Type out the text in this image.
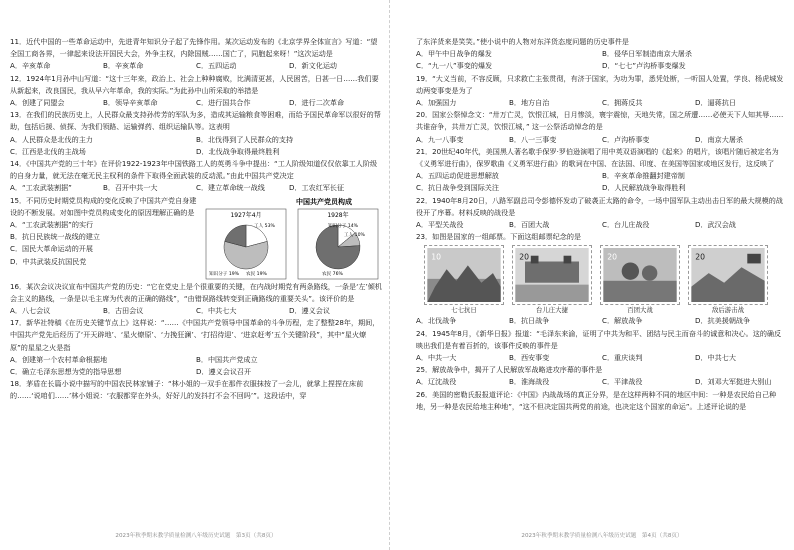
11．近代中国的一些革命运动中，先进青年知识分子起了先锋作用。某次运动发布的《北京学界全体宣言》写道：“望全国工商各界，一律起来设法开国民大会，外争主权，内除国贼……国亡了，同胞起来呀！”这次运动是
A．辛亥革命	B．辛亥革命	C．五四运动	D．新文化运动
12．1924年1月孙中山写道：“这十三年来，政治上、社会上种种腐败，比满清更甚，人民困苦，日甚一日……我们要从新起来，改良国民，我从早六年革命，我的实际。”为此孙中山所采取的举措是
A．创建了同盟会	B．领导辛亥革命	C．进行国共合作	D．进行二次革命
13．在我们的民族历史上，人民群众最支持孙传芳的军队为多，造成其运输粮食等困难，而给予国民革命军以很好的帮助，包括后援、侦探、为我们领路、运输弹药、组织运输队等。这表明
A．人民群众是北伐的主力	B．北伐得到了人民群众的支持
C．江西是北伐的主战场	D．北伐战争取得最终胜利
14．《中国共产党的三十年》在评价1922-1923年中国铁路工人的英勇斗争中提出：“工人阶级知道仅仅依靠工人阶级的自身力量，就无法在毫无民主权利的条件下取得全面武装的反动派。”由此中国共产党决定
A．“工农武装割据”	B．召开中共一大	C．建立革命统一战线	D．工农红军长征
15．不同历史时期党员构成的变化反映了中国共产党自身建设的不断发展。对如图中党员构成变化的原因理解正确的是
A．“工农武装割据”的实行
B．抗日民族统一战线的建立
C．国民大革命运动的开展
D．中共武装反抗国民党
中国共产党员构成
1927年4月	1928年
知识分子 19%
工人 53%
农民 19%
知识分子 14%
工人 10%
农民 76%
16．某次会议决议宣布中国共产党的历史：“它在党史上是个很重要的关键，在内战时期党有两条路线，一条是‘左’倾机会主义的路线，一条是以毛主席为代表的正确的路线”，“由错误路线转变到正确路线的重要关头”。该评价的是
A．八七会议	B．古田会议	C．中共七大	D．遵义会议
17．新华社特稿《在历史关键节点上》这样说：“……《中国共产党领导中国革命的斗争历程，走了整整28年，期间，中国共产党先后经历了‘开天辟地’、‘星火燎原’、‘力挽狂澜’、‘打招待迎’、‘进京赶考’五个关键阶段”，其中“星火燎原”的星星之火是指
A．创建第一个农村革命根据地	B．中国共产党成立
C．确立毛泽东思想为党的指导思想	D．遵义会议召开
18．茅盾在长篇小说中描写的中国农民林家铺子：“林小姐的一双手在那件衣服抹按了一会儿，就掌上捏捏在床前的……‘说咱们……’林小姐说：‘衣服都穿在外头，好好儿的发抖打不会不回吗’”。这段话中，穿
了东洋货来是笑笑。”使小说中的人物对东洋货态度问题的历史事件是
A．甲午中日战争的爆发	B．侵华日军制造南京大屠杀
C．“九一八”事变的爆发	D．“七七”卢沟桥事变爆发
19．“大义当前，不容反顾，只求救亡主张贯彻，有济于国家，为功为罪，悉凭处断，一听国人处置，学良、杨虎城发动两变事变是为了
A．加强国力	B．地方自治	C．拥蒋反共	D．逼蒋抗日
20．国家公祭悼念文：“卅万亡灵，饮恨江城，日月惨淡，寰宇震惊，天地失常，国之所遭……必使天下人知其辱……共谁奋争，共卅万亡灵，饮恨江城，” 这一公祭活动悼念的是
A．九一八事变	B．八一三事变	C．卢沟桥事变	D．南京大屠杀
21．20世纪40年代，美国黑人著名歌手保罗·罗伯逊演唱了用中英双语演唱的《起来》的唱片，该唱片随后被定名为《义勇军进行曲》，保罗歌曲《义勇军进行曲》的歌词在中国、在法国、印度、在美国等国家或地区发行，这反映了
A．五四运动促进思想解放	B．辛亥革命推翻封建帝制
C．抗日战争受到国际关注	D．人民解放战争取得胜利
22．1940年8月20日，八路军副总司令彭德怀发动了破袭正太路的命令，一场中国军队主动出击日军的最大规模的战役开了序幕。材料反映的战役是
A．平型关战役	B．百团大战	C．台儿庄战役	D．武汉会战
23．如图是国家的一组邮票。下面这组邮票纪念的是
10
七七抗日
20
台儿庄大捷
20
百团大战
20
敌后游击战
A．北伐战争	B．抗日战争	C．解放战争	D．抗美援朝战争
24．1945年8月，《新华日报》报道：“毛泽东来渝，证明了中共为和平、团结与民主而奋斗的诚意和决心。这的确反映出我们是有着百折的，该事件反映的事件是
A．中共一大	B．西安事变	C．重庆谈判	D．中共七大
25．解放战争中，揭开了人民解放军战略进攻序幕的事件是
A．辽沈战役	B．淮海战役	C．平津战役	D．刘邓大军挺进大别山
26．美国的密勒氏报报道评论：《中国》内战战场的真正分界，是在这样两种不同的地区中间：一种是农民给自己种地，另一种是农民给地主种地”，“这不但决定国共两党的前途，也决定这个国家的命运”。上述评论说的是
2023年秋季期末教学质量检测八年级历史试题　第3页（共8页）	2023年秋季期末教学质量检测八年级历史试题　第4页（共8页）
